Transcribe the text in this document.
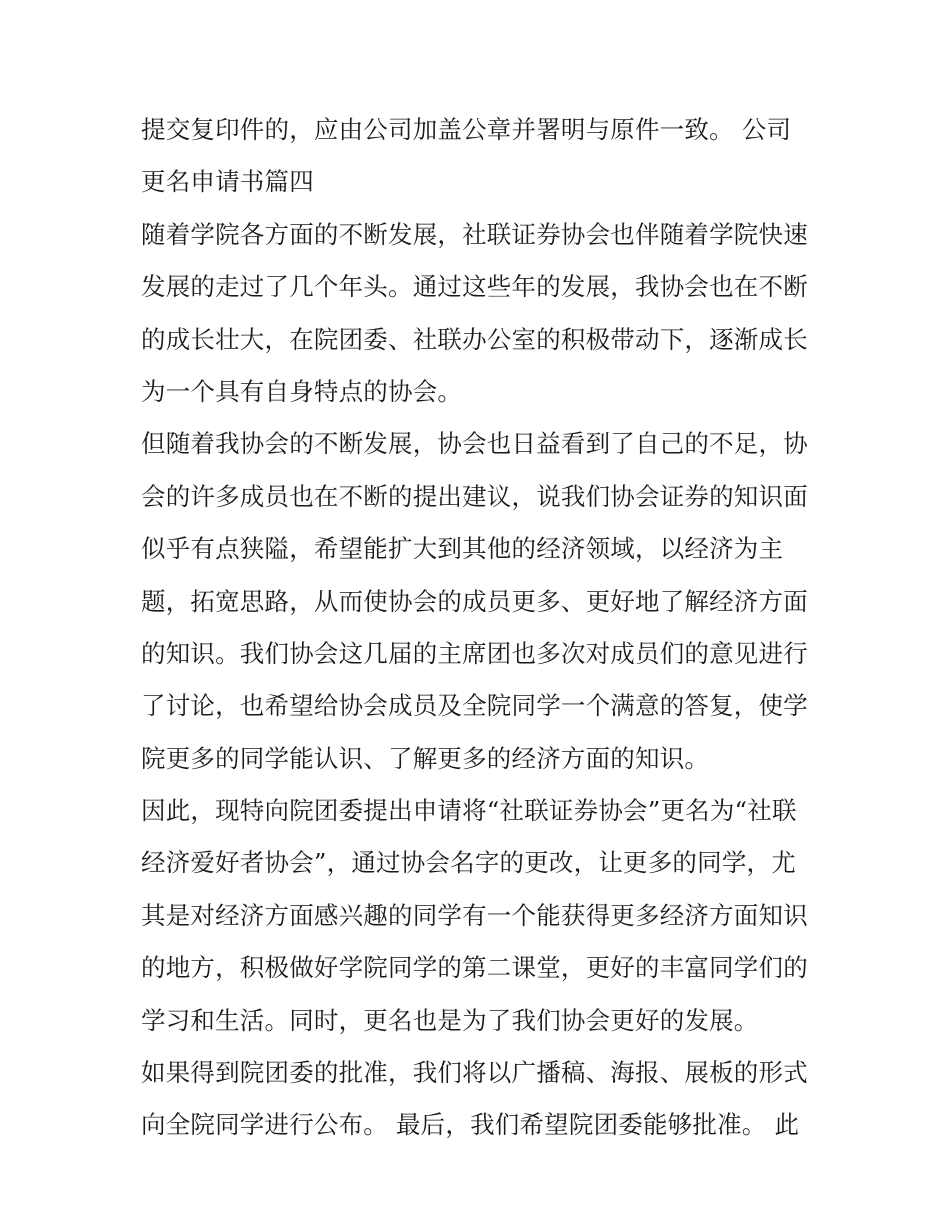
提交复印件的，应由公司加盖公章并署明与原件一致。 公司
更名申请书篇四
随着学院各方面的不断发展，社联证券协会也伴随着学院快速
发展的走过了几个年头。通过这些年的发展，我协会也在不断
的成长壮大，在院团委、社联办公室的积极带动下，逐渐成长
为一个具有自身特点的协会。
但随着我协会的不断发展，协会也日益看到了自己的不足，协
会的许多成员也在不断的提出建议，说我们协会证券的知识面
似乎有点狭隘，希望能扩大到其他的经济领域，以经济为主
题，拓宽思路，从而使协会的成员更多、更好地了解经济方面
的知识。我们协会这几届的主席团也多次对成员们的意见进行
了讨论，也希望给协会成员及全院同学一个满意的答复，使学
院更多的同学能认识、了解更多的经济方面的知识。
因此，现特向院团委提出申请将“社联证券协会”更名为“社联
经济爱好者协会”，通过协会名字的更改，让更多的同学，尤
其是对经济方面感兴趣的同学有一个能获得更多经济方面知识
的地方，积极做好学院同学的第二课堂，更好的丰富同学们的
学习和生活。同时，更名也是为了我们协会更好的发展。
如果得到院团委的批准，我们将以广播稿、海报、展板的形式
向全院同学进行公布。 最后，我们希望院团委能够批准。 此
